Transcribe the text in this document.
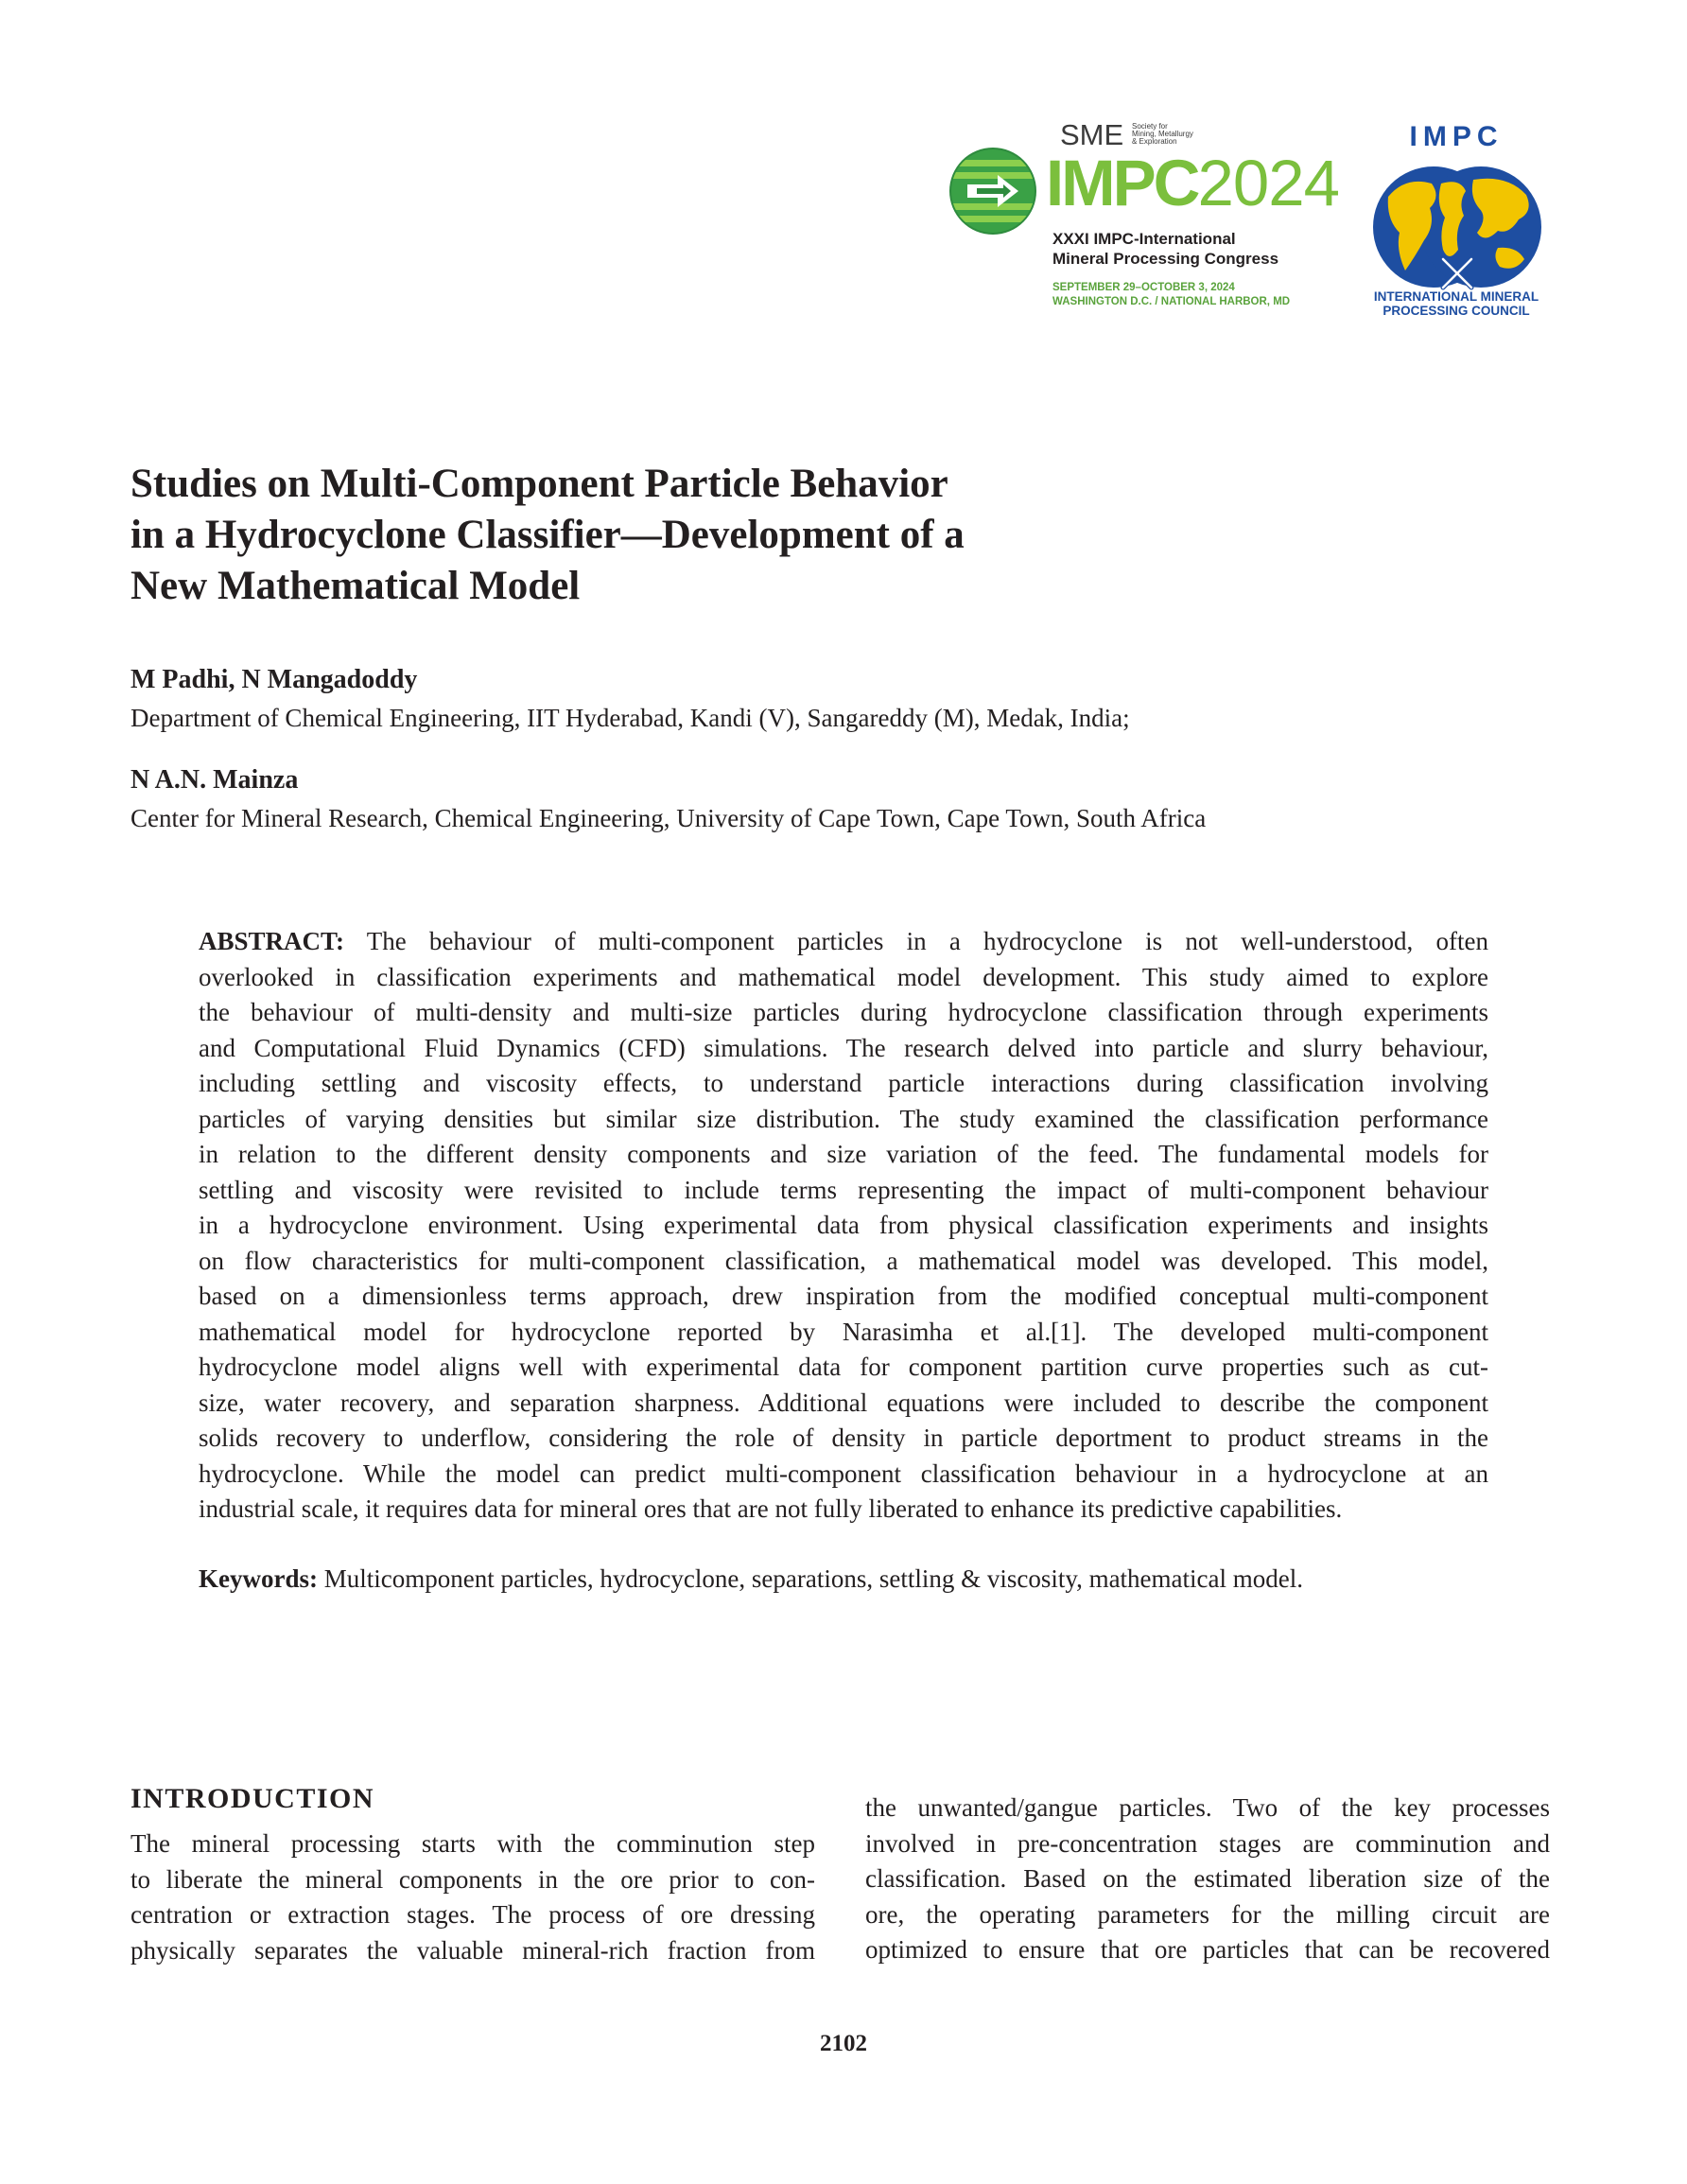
SME Society for
Mining, Metallurgy
& Exploration
IMPC2024
XXXI IMPC-International
Mineral Processing Congress
SEPTEMBER 29–OCTOBER 3, 2024
WASHINGTON D.C. / NATIONAL HARBOR, MD
IMPC
INTERNATIONAL MINERAL
PROCESSING COUNCIL
Studies on Multi-Component Particle Behavior
in a Hydrocyclone Classifier—Development of a
New Mathematical Model
M Padhi, N Mangadoddy
Department of Chemical Engineering, IIT Hyderabad, Kandi (V), Sangareddy (M), Medak, India;
N A.N. Mainza
Center for Mineral Research, Chemical Engineering, University of Cape Town, Cape Town, South Africa
ABSTRACT: The behaviour of multi-component particles in a hydrocyclone is not well-understood, often
overlooked in classification experiments and mathematical model development. This study aimed to explore
the behaviour of multi-density and multi-size particles during hydrocyclone classification through experiments
and Computational Fluid Dynamics (CFD) simulations. The research delved into particle and slurry behaviour,
including settling and viscosity effects, to understand particle interactions during classification involving
particles of varying densities but similar size distribution. The study examined the classification performance
in relation to the different density components and size variation of the feed. The fundamental models for
settling and viscosity were revisited to include terms representing the impact of multi-component behaviour
in a hydrocyclone environment. Using experimental data from physical classification experiments and insights
on flow characteristics for multi-component classification, a mathematical model was developed. This model,
based on a dimensionless terms approach, drew inspiration from the modified conceptual multi-component
mathematical model for hydrocyclone reported by Narasimha et al.[1]. The developed multi-component
hydrocyclone model aligns well with experimental data for component partition curve properties such as cut-
size, water recovery, and separation sharpness. Additional equations were included to describe the component
solids recovery to underflow, considering the role of density in particle deportment to product streams in the
hydrocyclone. While the model can predict multi-component classification behaviour in a hydrocyclone at an
industrial scale, it requires data for mineral ores that are not fully liberated to enhance its predictive capabilities.
Keywords: Multicomponent particles, hydrocyclone, separations, settling & viscosity, mathematical model.
INTRODUCTION
The mineral processing starts with the comminution step
to liberate the mineral components in the ore prior to con-
centration or extraction stages. The process of ore dressing
physically separates the valuable mineral-rich fraction from
the unwanted/gangue particles. Two of the key processes
involved in pre-concentration stages are comminution and
classification. Based on the estimated liberation size of the
ore, the operating parameters for the milling circuit are
optimized to ensure that ore particles that can be recovered
2102
